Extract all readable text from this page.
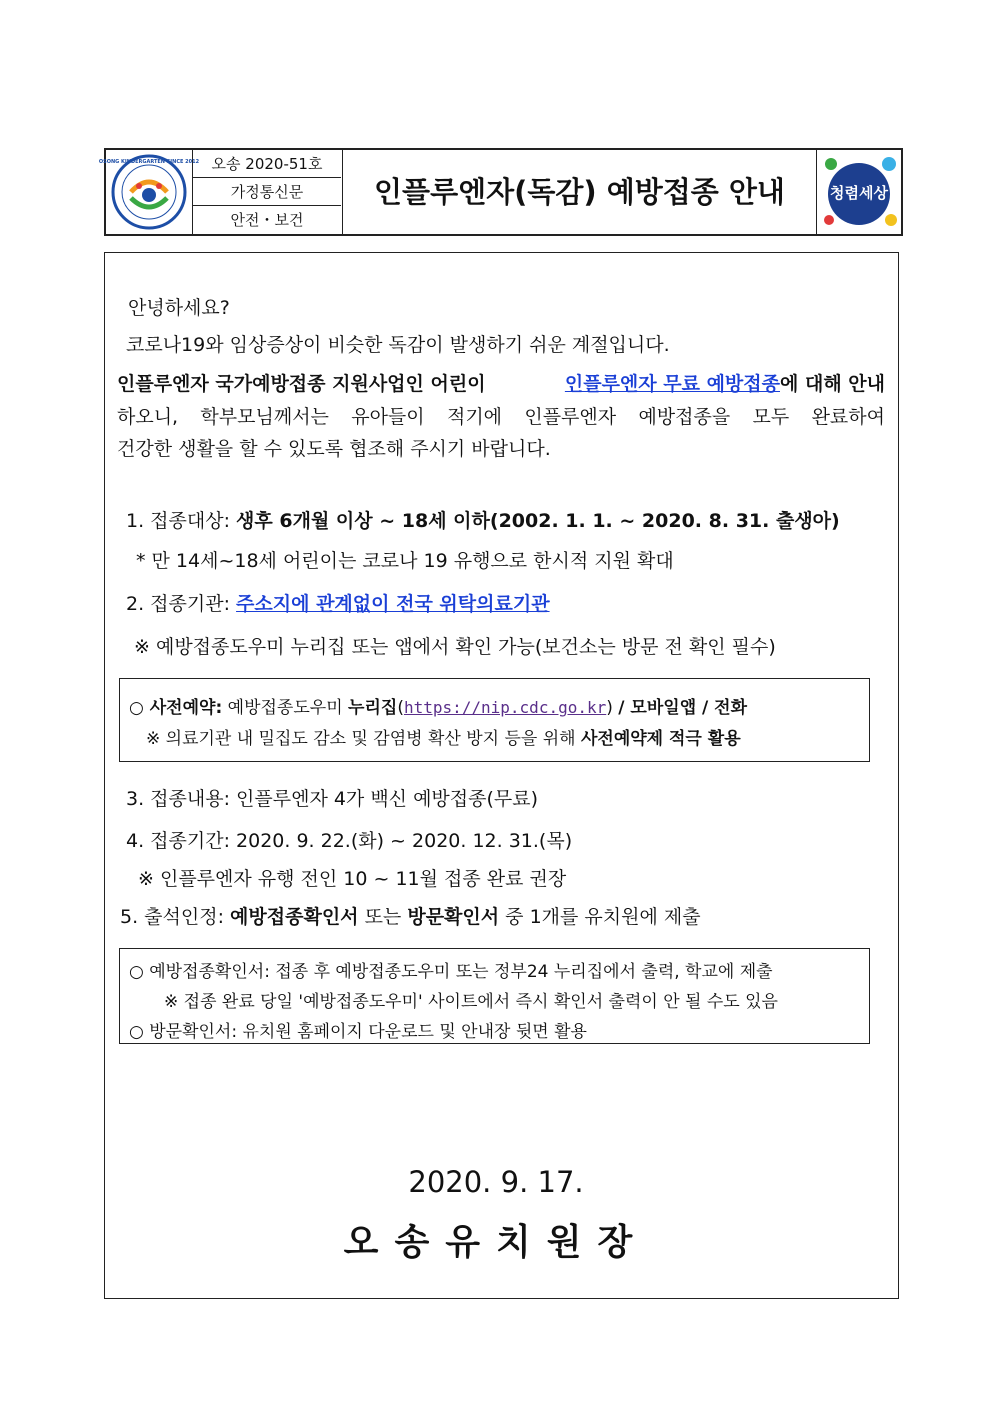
OSONG KINDERGARTEN SINCE 2012 오송 2020-51호
가정통신문
안전・보건
인플루엔자(독감) 예방접종 안내	청렴세상
안녕하세요?
코로나19와 임상증상이 비슷한 독감이 발생하기 쉬운 계절입니다.
인플루엔자 국가예방접종 지원사업인 어린이	인플루엔자 무료 예방접종에 대해 안내
하오니, 학부모님께서는 유아들이 적기에 인플루엔자 예방접종을 모두 완료하여
건강한 생활을 할 수 있도록 협조해 주시기 바랍니다.
1. 접종대상: 생후 6개월 이상 ~ 18세 이하(2002. 1. 1. ~ 2020. 8. 31. 출생아)
* 만 14세~18세 어린이는 코로나 19 유행으로 한시적 지원 확대
2. 접종기관: 주소지에 관계없이 전국 위탁의료기관
※ 예방접종도우미 누리집 또는 앱에서 확인 가능(보건소는 방문 전 확인 필수)
○ 사전예약: 예방접종도우미 누리집(https://nip.cdc.go.kr) / 모바일앱 / 전화
※ 의료기관 내 밀집도 감소 및 감염병 확산 방지 등을 위해 사전예약제 적극 활용
3. 접종내용: 인플루엔자 4가 백신 예방접종(무료)
4. 접종기간: 2020. 9. 22.(화) ~ 2020. 12. 31.(목)
※ 인플루엔자 유행 전인 10 ~ 11월 접종 완료 권장
5. 출석인정: 예방접종확인서 또는 방문확인서 중 1개를 유치원에 제출
○ 예방접종확인서: 접종 후 예방접종도우미 또는 정부24 누리집에서 출력, 학교에 제출
※ 접종 완료 당일 '예방접종도우미' 사이트에서 즉시 확인서 출력이 안 될 수도 있음
○ 방문확인서: 유치원 홈페이지 다운로드 및 안내장 뒷면 활용
2020. 9. 17.
오송유치원장
